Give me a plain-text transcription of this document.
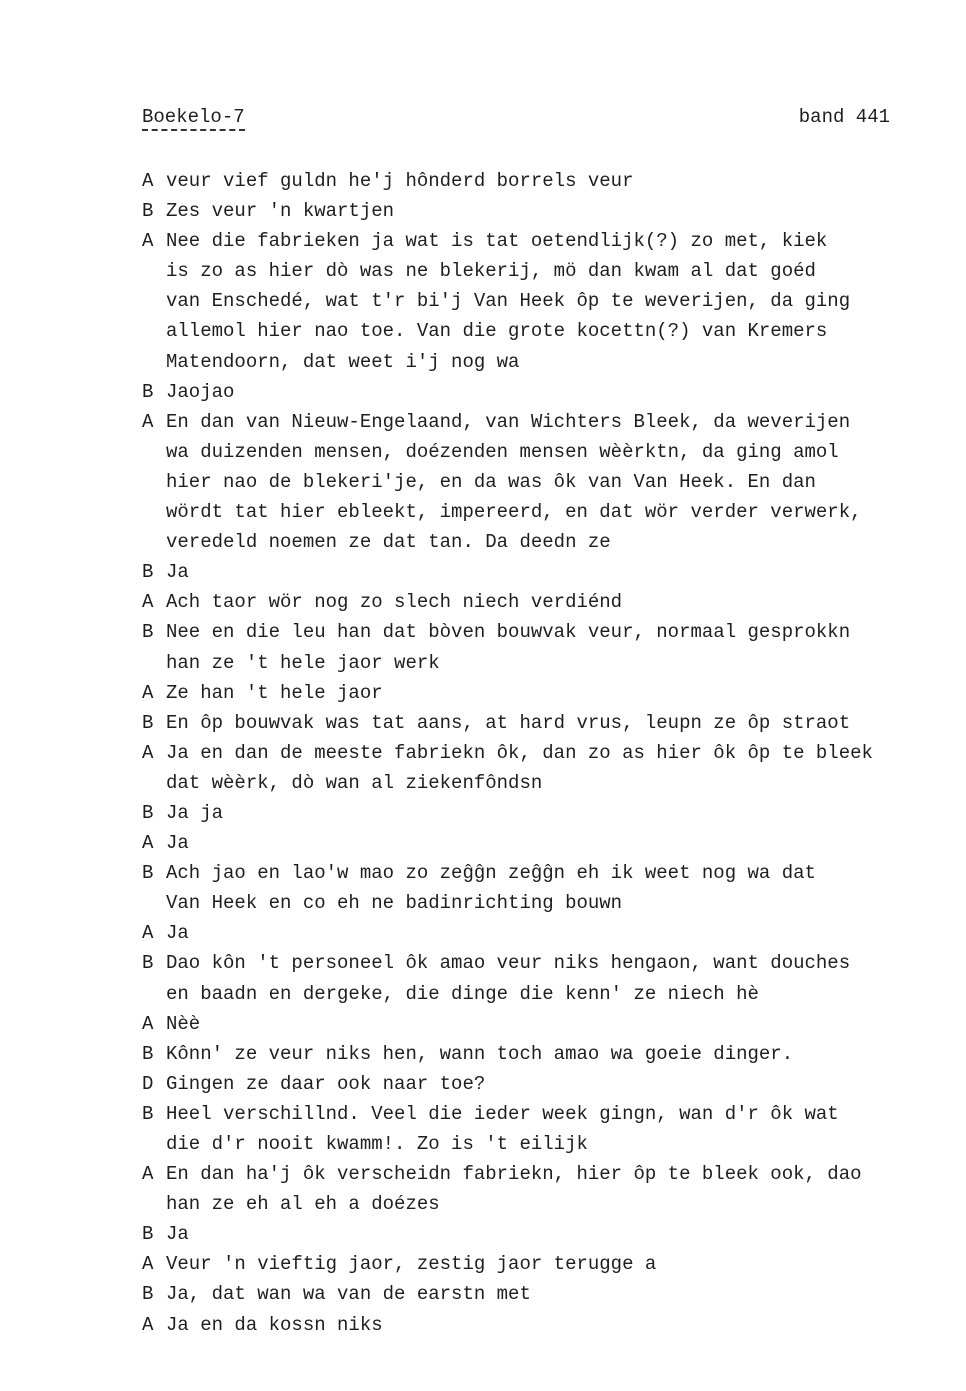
Boekelo-7	band 441
A veur vief guldn he'j hônderd borrels veur
B Zes veur 'n kwartjen
A Nee die fabrieken ja wat is tat oetendlijk(?) zo met, kiek
is zo as hier dò was ne blekerij, mö dan kwam al dat goéd
van Enschedé, wat t'r bi'j Van Heek ôp te weverijen, da ging
allemol hier nao toe. Van die grote kocettn(?) van Kremers
Matendoorn, dat weet i'j nog wa
B Jaojao
A En dan van Nieuw-Engelaand, van Wichters Bleek, da weverijen
wa duizenden mensen, doézenden mensen wèèrktn, da ging amol
hier nao de blekeri'je, en da was ôk van Van Heek. En dan
wördt tat hier ebleekt, impereerd, en dat wör verder verwerk,
veredeld noemen ze dat tan. Da deedn ze
B Ja
A Ach taor wör nog zo slech niech verdiénd
B Nee en die leu han dat bòven bouwvak veur, normaal gesprokkn
han ze 't hele jaor werk
A Ze han 't hele jaor
B En ôp bouwvak was tat aans, at hard vrus, leupn ze ôp straot
A Ja en dan de meeste fabriekn ôk, dan zo as hier ôk ôp te bleek
dat wèèrk, dò wan al ziekenfôndsn
B Ja ja
A Ja
B Ach jao en lao'w mao zo zeĝĝn zeĝĝn eh ik weet nog wa dat
Van Heek en co eh ne badinrichting bouwn
A Ja
B Dao kôn 't personeel ôk amao veur niks hengaon, want douches
en baadn en dergeke, die dinge die kenn' ze niech hè
A Nèè
B Kônn' ze veur niks hen, wann toch amao wa goeie dinger.
D Gingen ze daar ook naar toe?
B Heel verschillnd. Veel die ieder week gingn, wan d'r ôk wat
die d'r nooit kwamm!. Zo is 't eilijk
A En dan ha'j ôk verscheidn fabriekn, hier ôp te bleek ook, dao
han ze eh al eh a doézes
B Ja
A Veur 'n vieftig jaor, zestig jaor terugge a
B Ja, dat wan wa van de earstn met
A Ja en da kossn niks
